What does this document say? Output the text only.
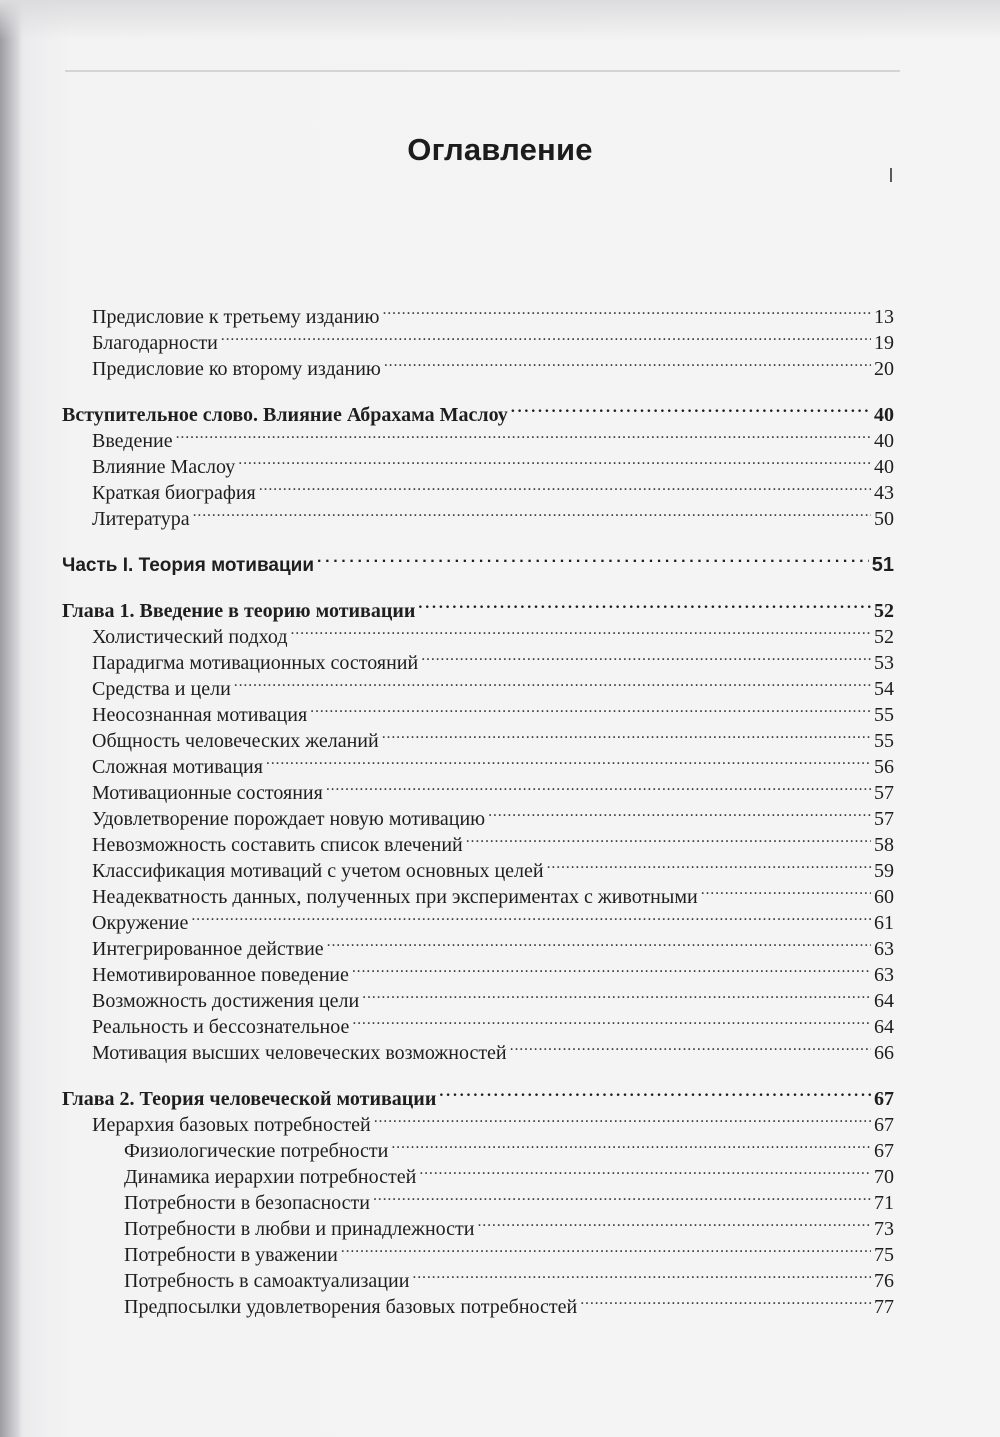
Оглавление
Предисловие к третьему изданию . . .	13
Благодарности . . .	19
Предисловие ко второму изданию . . .	20
Вступительное слово. Влияние Абрахама Маслоу . . .	40
Введение . . .	40
Влияние Маслоу . . .	40
Краткая биография . . .	43
Литература . . .	50
Часть I. Теория мотивации . . .	51
Глава 1. Введение в теорию мотивации . . .	52
Холистический подход . . .	52
Парадигма мотивационных состояний . . .	53
Средства и цели . . .	54
Неосознанная мотивация . . .	55
Общность человеческих желаний . . .	55
Сложная мотивация . . .	56
Мотивационные состояния . . .	57
Удовлетворение порождает новую мотивацию . . .	57
Невозможность составить список влечений . . .	58
Классификация мотиваций с учетом основных целей . . .	59
Неадекватность данных, полученных при экспериментах с животными . . .	60
Окружение . . .	61
Интегрированное действие . . .	63
Немотивированное поведение . . .	63
Возможность достижения цели . . .	64
Реальность и бессознательное . . .	64
Мотивация высших человеческих возможностей . . .	66
Глава 2. Теория человеческой мотивации . . .	67
Иерархия базовых потребностей . . .	67
Физиологические потребности . . .	67
Динамика иерархии потребностей . . .	70
Потребности в безопасности . . .	71
Потребности в любви и принадлежности . . .	73
Потребности в уважении . . .	75
Потребность в самоактуализации . . .	76
Предпосылки удовлетворения базовых потребностей . . .	77
